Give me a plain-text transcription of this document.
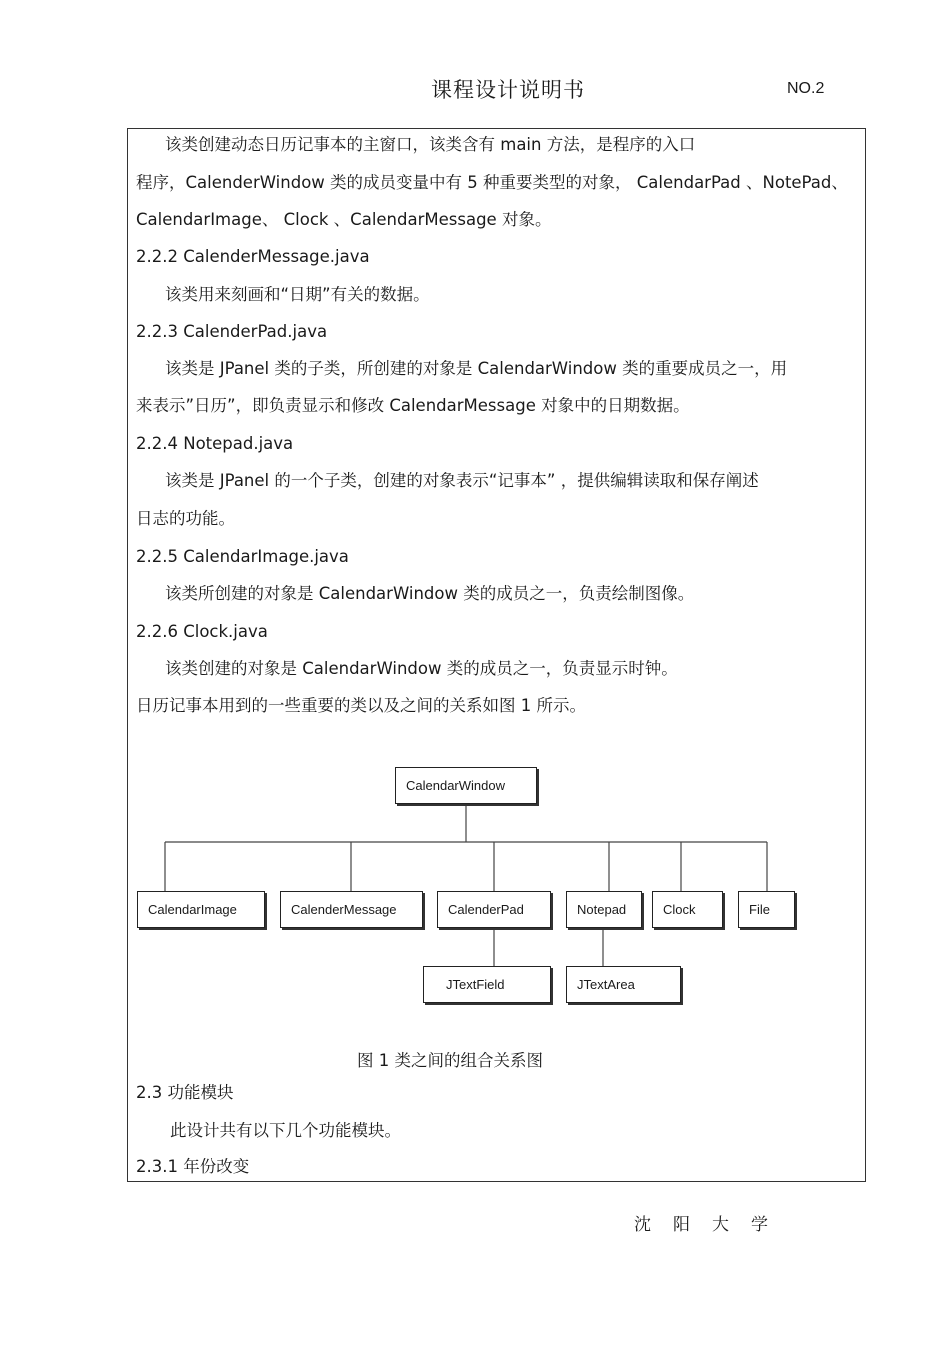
课程设计说明书	NO.2
该类创建动态日历记事本的主窗口，该类含有 main 方法，是程序的入口
程序，CalenderWindow 类的成员变量中有 5 种重要类型的对象， CalendarPad 、NotePad、
CalendarImage、 Clock 、CalendarMessage 对象。
2.2.2 CalenderMessage.java
该类用来刻画和“日期”有关的数据。
2.2.3 CalenderPad.java
该类是 JPanel 类的子类，所创建的对象是 CalendarWindow 类的重要成员之一，用
来表示”日历”，即负责显示和修改 CalendarMessage 对象中的日期数据。
2.2.4 Notepad.java
该类是 JPanel 的一个子类，创建的对象表示“记事本” ，提供编辑读取和保存阐述
日志的功能。
2.2.5 CalendarImage.java
该类所创建的对象是 CalendarWindow 类的成员之一，负责绘制图像。
2.2.6 Clock.java
该类创建的对象是 CalendarWindow 类的成员之一，负责显示时钟。
日历记事本用到的一些重要的类以及之间的关系如图 1 所示。
CalendarWindow
CalendarImage	CalenderMessage	CalenderPad	Notepad	Clock	File
JTextField	JTextArea
图 1 类之间的组合关系图
2.3 功能模块
此设计共有以下几个功能模块。
2.3.1 年份改变
沈阳大学
